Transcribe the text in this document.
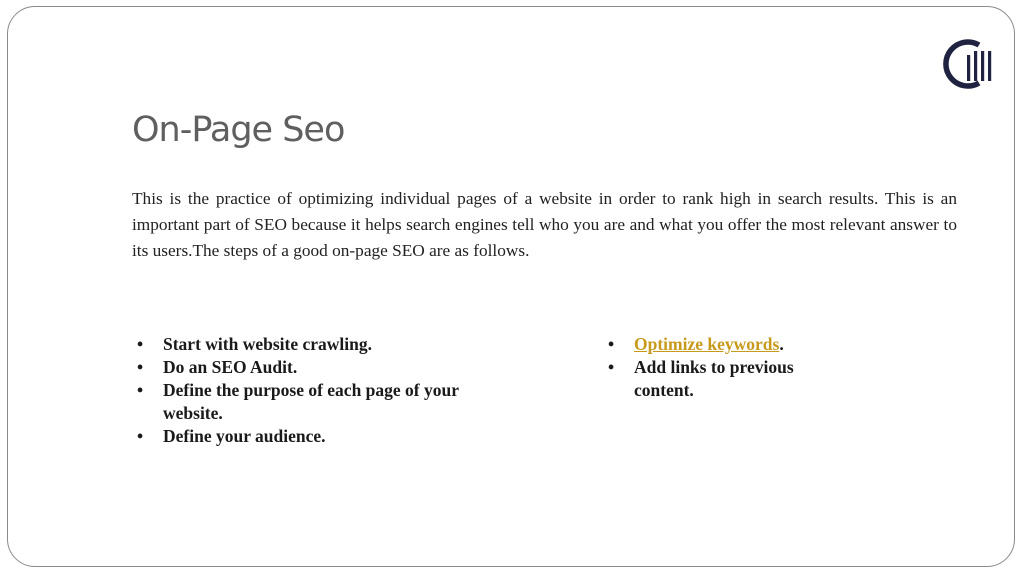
On-Page Seo

This is the practice of optimizing individual pages of a website in order to rank high in search results. This is an important part of SEO because it helps search engines tell who you are and what you offer the most relevant answer to its users.The steps of a good on-page SEO are as follows.

•	Start with website crawling.
•	Do an SEO Audit.
•	Define the purpose of each page of your website.
•	Define your audience.
•	Optimize keywords.
•	Add links to previous content.
